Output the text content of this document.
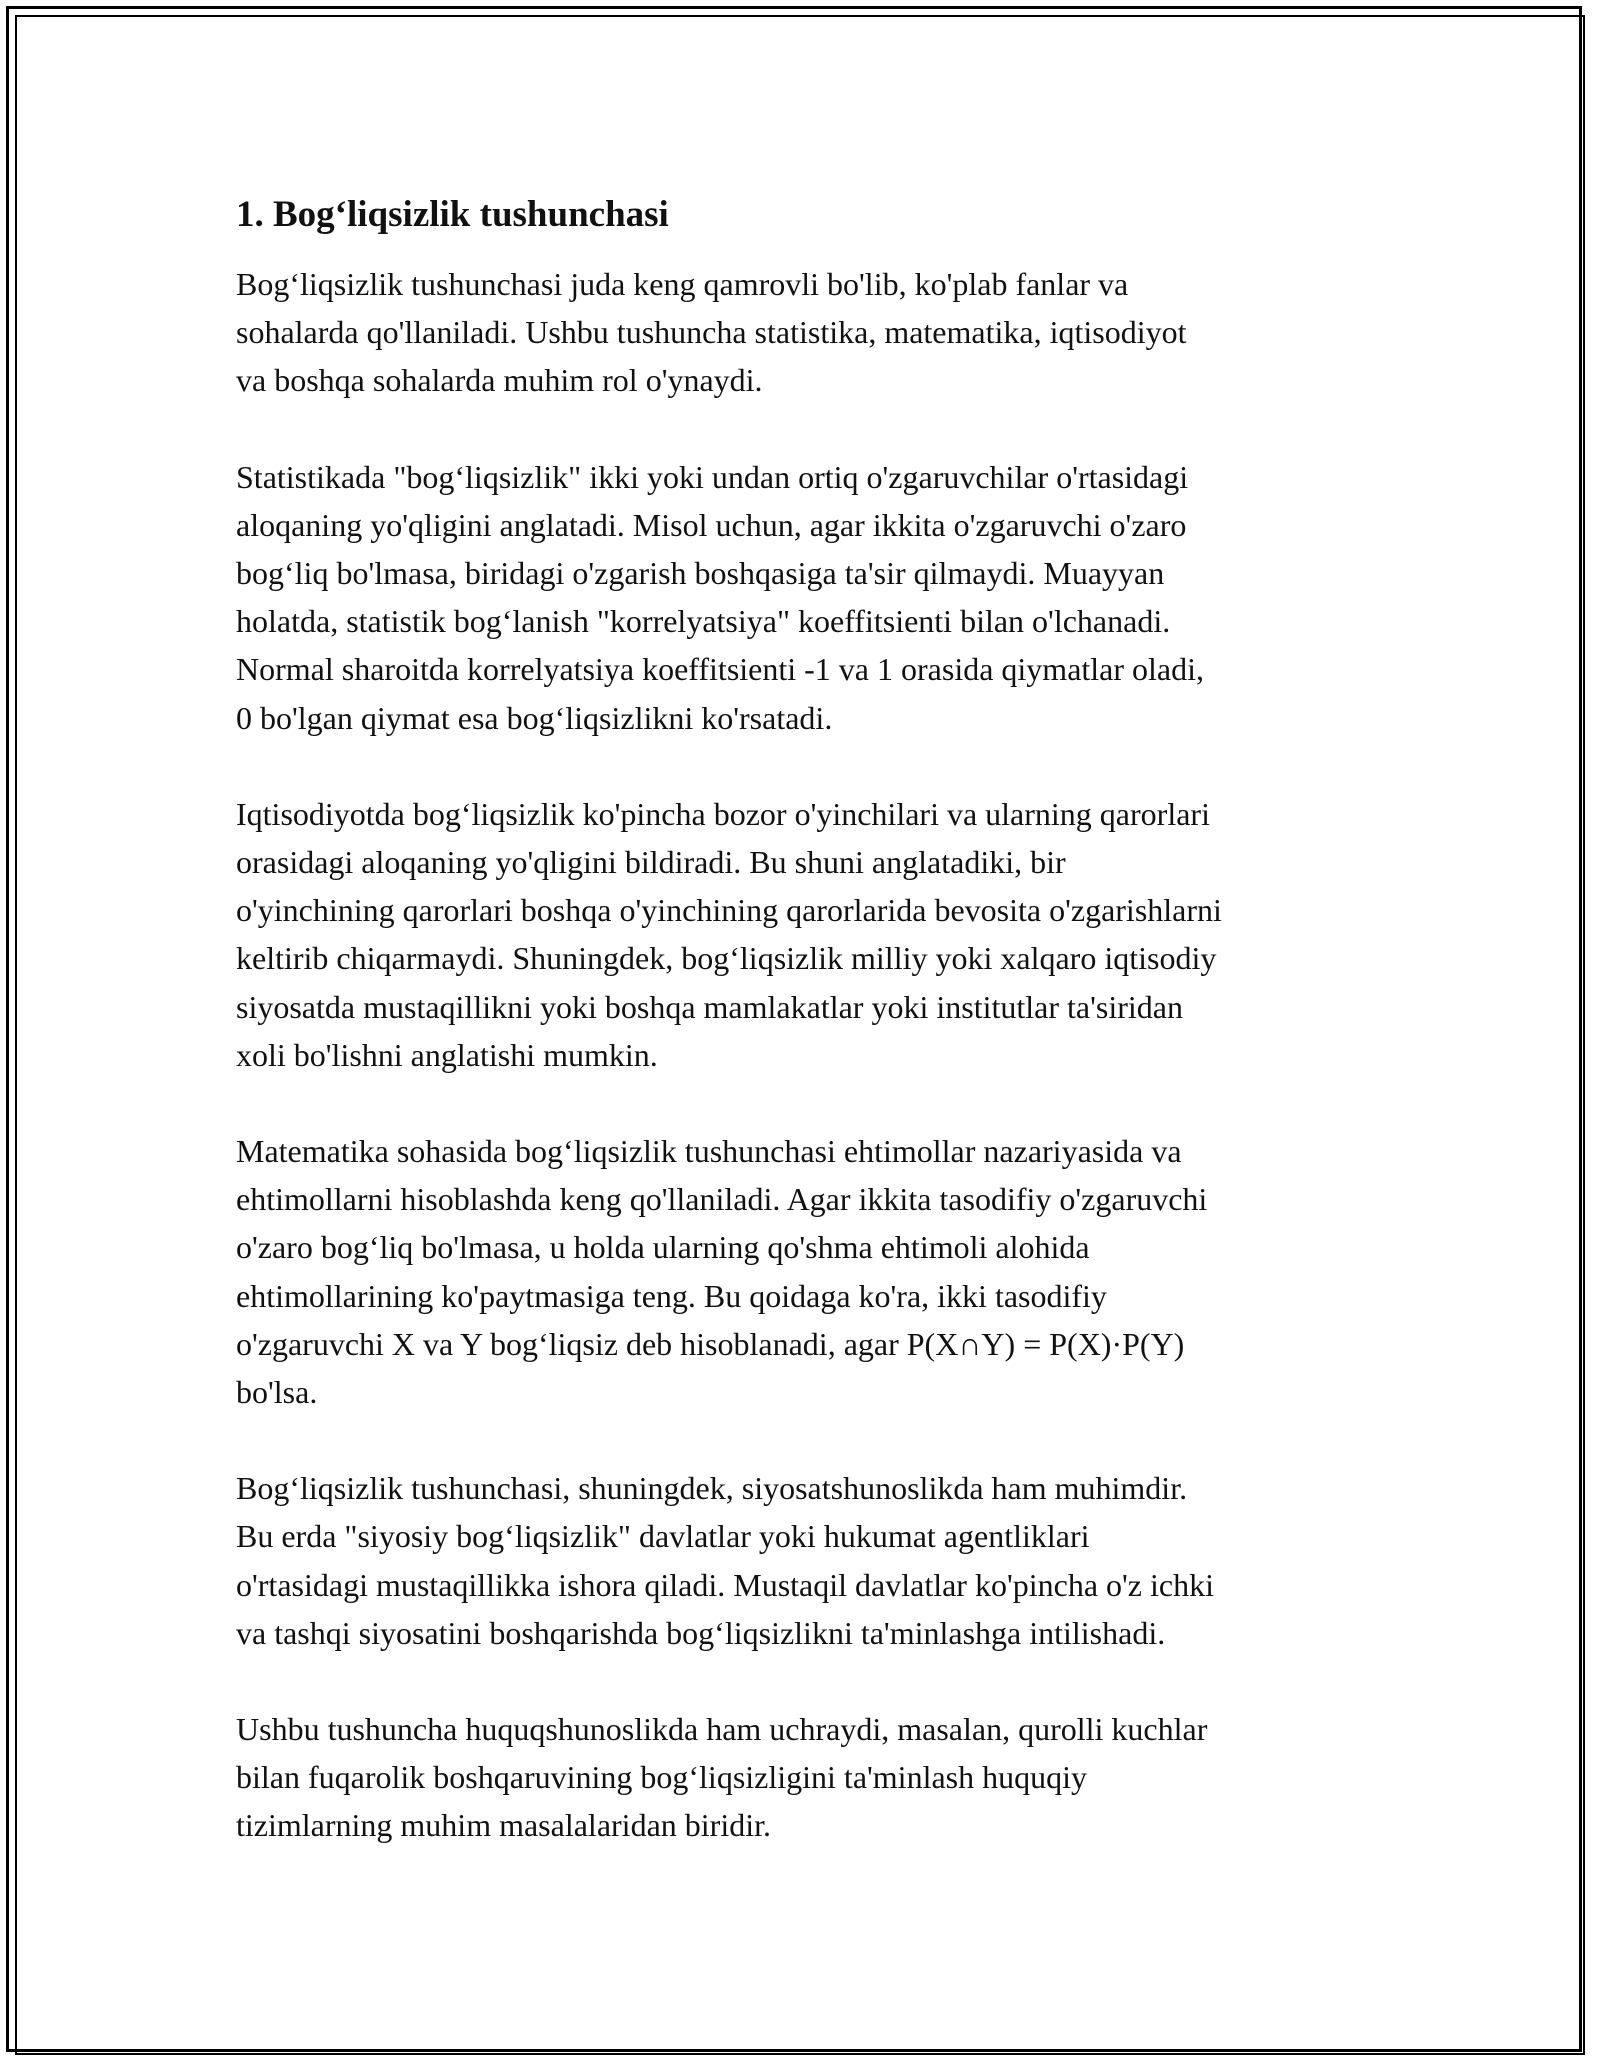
1. Bog‘liqsizlik tushunchasi

Bog‘liqsizlik tushunchasi juda keng qamrovli bo'lib, ko'plab fanlar va
sohalarda qo'llaniladi. Ushbu tushuncha statistika, matematika, iqtisodiyot
va boshqa sohalarda muhim rol o'ynaydi.

Statistikada "bog‘liqsizlik" ikki yoki undan ortiq o'zgaruvchilar o'rtasidagi
aloqaning yo'qligini anglatadi. Misol uchun, agar ikkita o'zgaruvchi o'zaro
bog‘liq bo'lmasa, biridagi o'zgarish boshqasiga ta'sir qilmaydi. Muayyan
holatda, statistik bog‘lanish "korrelyatsiya" koeffitsienti bilan o'lchanadi.
Normal sharoitda korrelyatsiya koeffitsienti -1 va 1 orasida qiymatlar oladi,
0 bo'lgan qiymat esa bog‘liqsizlikni ko'rsatadi.

Iqtisodiyotda bog‘liqsizlik ko'pincha bozor o'yinchilari va ularning qarorlari
orasidagi aloqaning yo'qligini bildiradi. Bu shuni anglatadiki, bir
o'yinchining qarorlari boshqa o'yinchining qarorlarida bevosita o'zgarishlarni
keltirib chiqarmaydi. Shuningdek, bog‘liqsizlik milliy yoki xalqaro iqtisodiy
siyosatda mustaqillikni yoki boshqa mamlakatlar yoki institutlar ta'siridan
xoli bo'lishni anglatishi mumkin.

Matematika sohasida bog‘liqsizlik tushunchasi ehtimollar nazariyasida va
ehtimollarni hisoblashda keng qo'llaniladi. Agar ikkita tasodifiy o'zgaruvchi
o'zaro bog‘liq bo'lmasa, u holda ularning qo'shma ehtimoli alohida
ehtimollarining ko'paytmasiga teng. Bu qoidaga ko'ra, ikki tasodifiy
o'zgaruvchi X va Y bog‘liqsiz deb hisoblanadi, agar P(X∩Y) = P(X)·P(Y)
bo'lsa.

Bog‘liqsizlik tushunchasi, shuningdek, siyosatshunoslikda ham muhimdir.
Bu erda "siyosiy bog‘liqsizlik" davlatlar yoki hukumat agentliklari
o'rtasidagi mustaqillikka ishora qiladi. Mustaqil davlatlar ko'pincha o'z ichki
va tashqi siyosatini boshqarishda bog‘liqsizlikni ta'minlashga intilishadi.

Ushbu tushuncha huquqshunoslikda ham uchraydi, masalan, qurolli kuchlar
bilan fuqarolik boshqaruvining bog‘liqsizligini ta'minlash huquqiy
tizimlarning muhim masalalaridan biridir.
